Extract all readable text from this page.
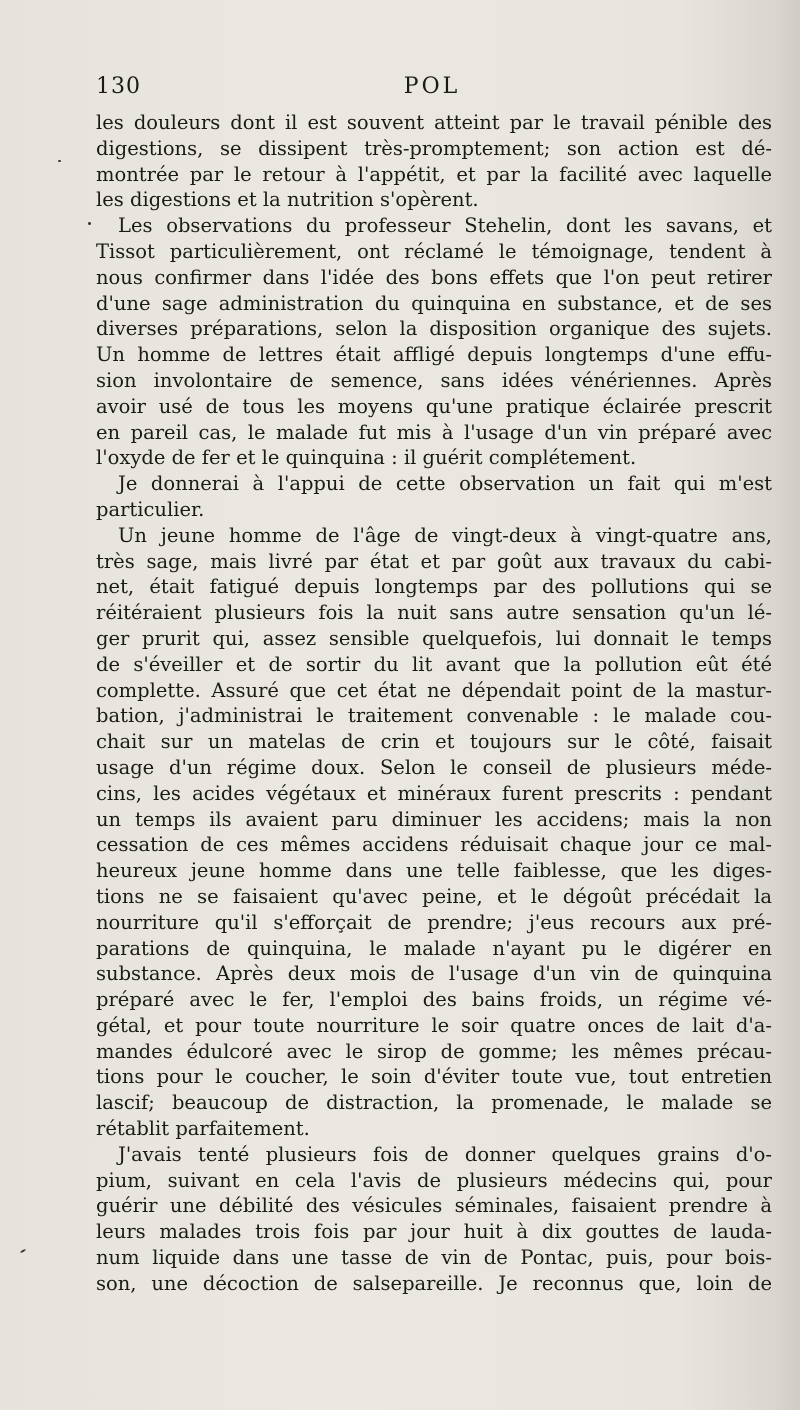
130	POL
les douleurs dont il est souvent atteint par le travail pénible des
digestions, se dissipent très-promptement; son action est dé-
montrée par le retour à l'appétit, et par la facilité avec laquelle
les digestions et la nutrition s'opèrent.
Les observations du professeur Stehelin, dont les savans, et
Tissot particulièrement, ont réclamé le témoignage, tendent à
nous confirmer dans l'idée des bons effets que l'on peut retirer
d'une sage administration du quinquina en substance, et de ses
diverses préparations, selon la disposition organique des sujets.
Un homme de lettres était affligé depuis longtemps d'une effu-
sion involontaire de semence, sans idées vénériennes. Après
avoir usé de tous les moyens qu'une pratique éclairée prescrit
en pareil cas, le malade fut mis à l'usage d'un vin préparé avec
l'oxyde de fer et le quinquina : il guérit complétement.
Je donnerai à l'appui de cette observation un fait qui m'est
particulier.
Un jeune homme de l'âge de vingt-deux à vingt-quatre ans,
très sage, mais livré par état et par goût aux travaux du cabi-
net, était fatigué depuis longtemps par des pollutions qui se
réitéraient plusieurs fois la nuit sans autre sensation qu'un lé-
ger prurit qui, assez sensible quelquefois, lui donnait le temps
de s'éveiller et de sortir du lit avant que la pollution eût été
complette. Assuré que cet état ne dépendait point de la mastur-
bation, j'administrai le traitement convenable : le malade cou-
chait sur un matelas de crin et toujours sur le côté, faisait
usage d'un régime doux. Selon le conseil de plusieurs méde-
cins, les acides végétaux et minéraux furent prescrits : pendant
un temps ils avaient paru diminuer les accidens; mais la non
cessation de ces mêmes accidens réduisait chaque jour ce mal-
heureux jeune homme dans une telle faiblesse, que les diges-
tions ne se faisaient qu'avec peine, et le dégoût précédait la
nourriture qu'il s'efforçait de prendre; j'eus recours aux pré-
parations de quinquina, le malade n'ayant pu le digérer en
substance. Après deux mois de l'usage d'un vin de quinquina
préparé avec le fer, l'emploi des bains froids, un régime vé-
gétal, et pour toute nourriture le soir quatre onces de lait d'a-
mandes édulcoré avec le sirop de gomme; les mêmes précau-
tions pour le coucher, le soin d'éviter toute vue, tout entretien
lascif; beaucoup de distraction, la promenade, le malade se
rétablit parfaitement.
J'avais tenté plusieurs fois de donner quelques grains d'o-
pium, suivant en cela l'avis de plusieurs médecins qui, pour
guérir une débilité des vésicules séminales, faisaient prendre à
leurs malades trois fois par jour huit à dix gouttes de lauda-
num liquide dans une tasse de vin de Pontac, puis, pour bois-
son, une décoction de salsepareille. Je reconnus que, loin de
